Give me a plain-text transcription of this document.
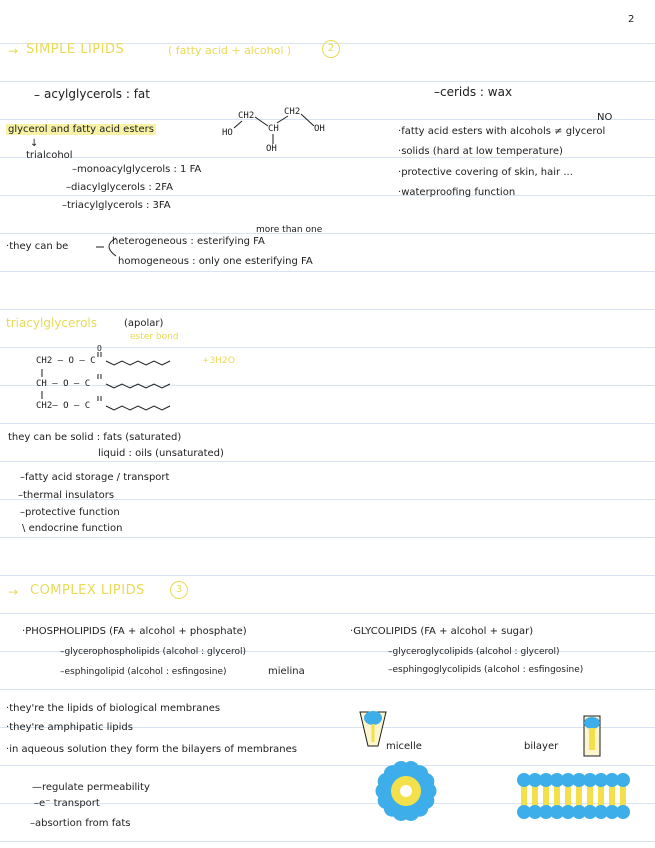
2
→ SIMPLE LIPIDS	( fatty acid + alcohol )	2
– acylglycerols : fat
glycerol and fatty acid esters
↓
trialcohol
CH2	CH2
HO	CH	OH
OH
–monoacylglycerols : 1 FA
–diacylglycerols : 2FA
–triacylglycerols : 3FA
more than one
·they can be	heterogeneous : esterifying FA
homogeneous : only one esterifying FA
–cerids : wax
NO
·fatty acid esters with alcohols ≠ glycerol
·solids (hard at low temperature)
·protective covering of skin, hair ...
·waterproofing function
triacylglycerols	(apolar)
ester bond
+3H2O
CH2 – O – C
CH – O – C
CH2– O – C
O
they can be solid : fats (saturated)
liquid : oils (unsaturated)
–fatty acid storage / transport
–thermal insulators
–protective function
\ endocrine function
→ COMPLEX LIPIDS	3
·PHOSPHOLIPIDS (FA + alcohol + phosphate)
–glycerophospholipids (alcohol : glycerol)
–esphingolipid (alcohol : esfingosine)	mielina
·GLYCOLIPIDS (FA + alcohol + sugar)
–glyceroglycolipids (alcohol : glycerol)
–esphingoglycolipids (alcohol : esfingosine)
·they're the lipids of biological membranes
·they're amphipatic lipids
·in aqueous solution they form the bilayers of membranes
—regulate permeability
–e⁻ transport
–absortion from fats
micelle	bilayer
